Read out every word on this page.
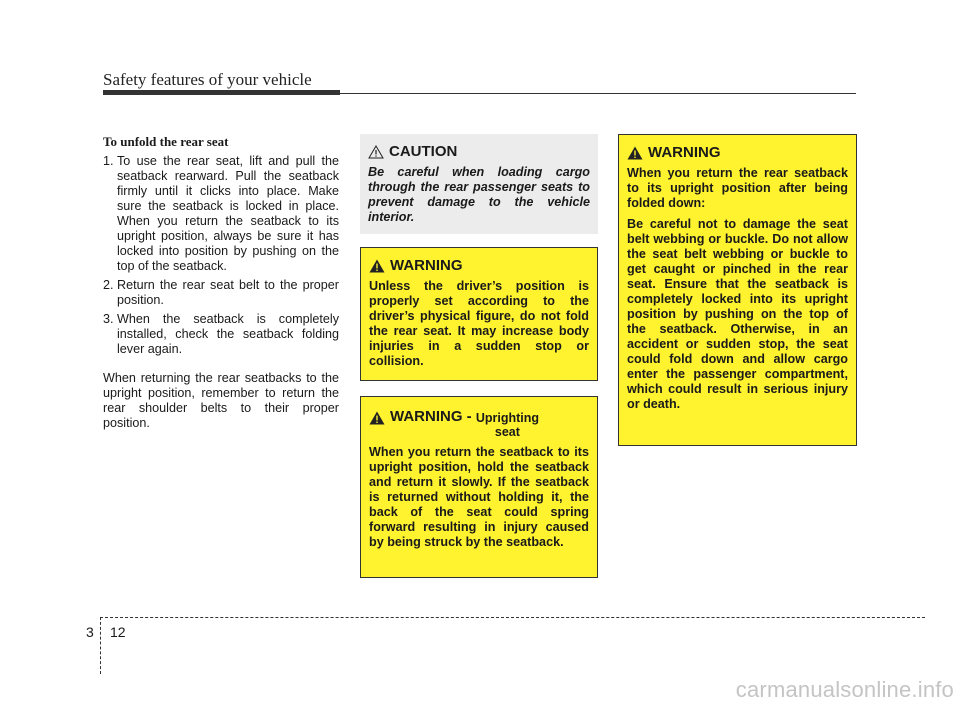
Safety features of your vehicle
To unfold the rear seat
1. To use the rear seat, lift and pull the seatback rearward. Pull the seatback firmly until it clicks into place. Make sure the seatback is locked in place. When you return the seatback to its upright position, always be sure it has locked into position by pushing on the top of the seatback.
2. Return the rear seat belt to the proper position.
3. When the seatback is completely installed, check the seatback folding lever again.

When returning the rear seatbacks to the upright position, remember to return the rear shoulder belts to their proper position.

CAUTION
Be careful when loading cargo through the rear passenger seats to prevent damage to the vehicle interior.
WARNING
Unless the driver’s position is properly set according to the driver’s physical figure, do not fold the rear seat. It may increase body injuries in a sudden stop or collision.
WARNING - Uprighting
seat
When you return the seatback to its upright position, hold the seatback and return it slowly. If the seatback is returned without holding it, the back of the seat could spring forward resulting in injury caused by being struck by the seatback.
WARNING

When you return the rear seatback to its upright position after being folded down:

Be careful not to damage the seat belt webbing or buckle. Do not allow the seat belt webbing or buckle to get caught or pinched in the rear seat. Ensure that the seatback is completely locked into its upright position by pushing on the top of the seatback. Otherwise, in an accident or sudden stop, the seat could fold down and allow cargo enter the passenger compartment, which could result in serious injury or death.

3 12
carmanualsonline.info
